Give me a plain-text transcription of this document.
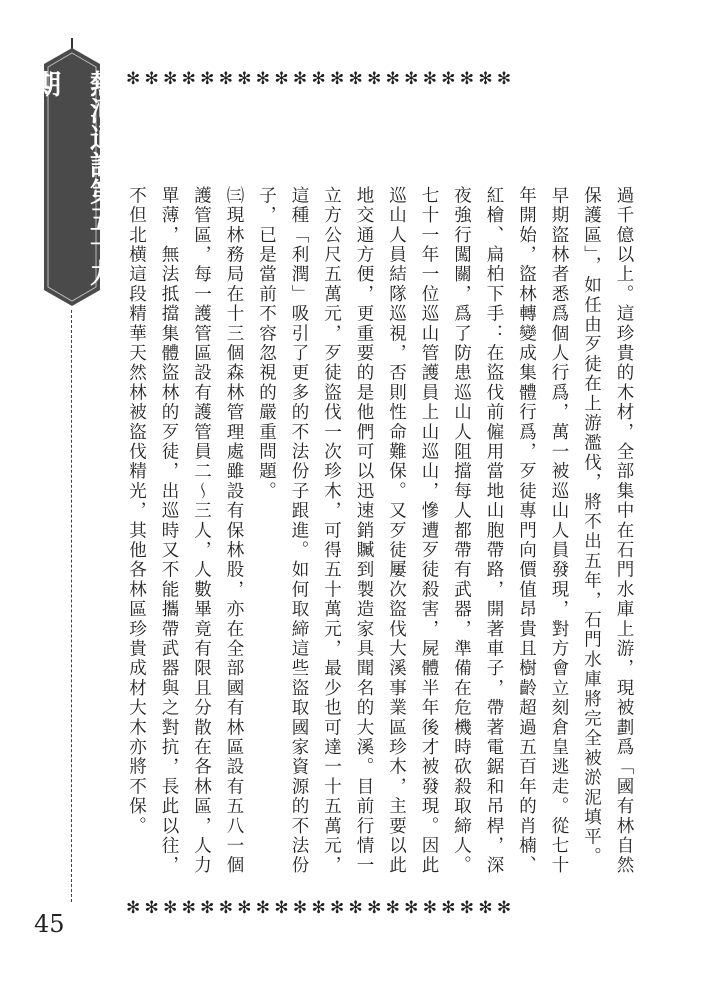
熱河通訊第五十九期
45
✻✻✻✻✻✻✻✻✻✻✻✻✻✻✻✻✻✻✻✻✻
✻✻✻✻✻✻✻✻✻✻✻✻✻✻✻✻✻✻✻✻✻

過千億以上。這珍貴的木材，全部集中在石門水庫上游，現被劃爲「國有林自然保護區」，如任由歹徒在上游濫伐，將不出五年，石門水庫將完全被淤泥填平。早期盜林者悉爲個人行爲，萬一被巡山人員發現，對方會立刻倉皇逃走。從七十年開始，盜林轉變成集體行爲，歹徒專門向價值昂貴且樹齡超過五百年的肖楠、紅檜、扁柏下手：在盜伐前僱用當地山胞帶路，開著車子，帶著電鋸和吊桿，深夜強行闖關，爲了防患巡山人阻擋每人都帶有武器，準備在危機時砍殺取締人。七十一年一位巡山管護員上山巡山，慘遭歹徒殺害，屍體半年後才被發現。因此巡山人員結隊巡視，否則性命難保。又歹徒屢次盜伐大溪事業區珍木，主要以此地交通方便，更重要的是他們可以迅速銷贓到製造家具聞名的大溪。目前行情一立方公尺五萬元，歹徒盜伐一次珍木，可得五十萬元，最少也可達一十五萬元，這種「利潤」吸引了更多的不法份子跟進。如何取締這些盜取國家資源的不法份子，已是當前不容忽視的嚴重問題。

㈢現林務局在十三個森林管理處雖設有保林股，亦在全部國有林區設有五八一個護管區，每一護管區設有護管員二～三人，人數畢竟有限且分散在各林區，人力單薄，無法抵擋集體盜林的歹徒，出巡時又不能攜帶武器與之對抗，長此以往，不但北横這段精華天然林被盜伐精光，其他各林區珍貴成材大木亦將不保。
